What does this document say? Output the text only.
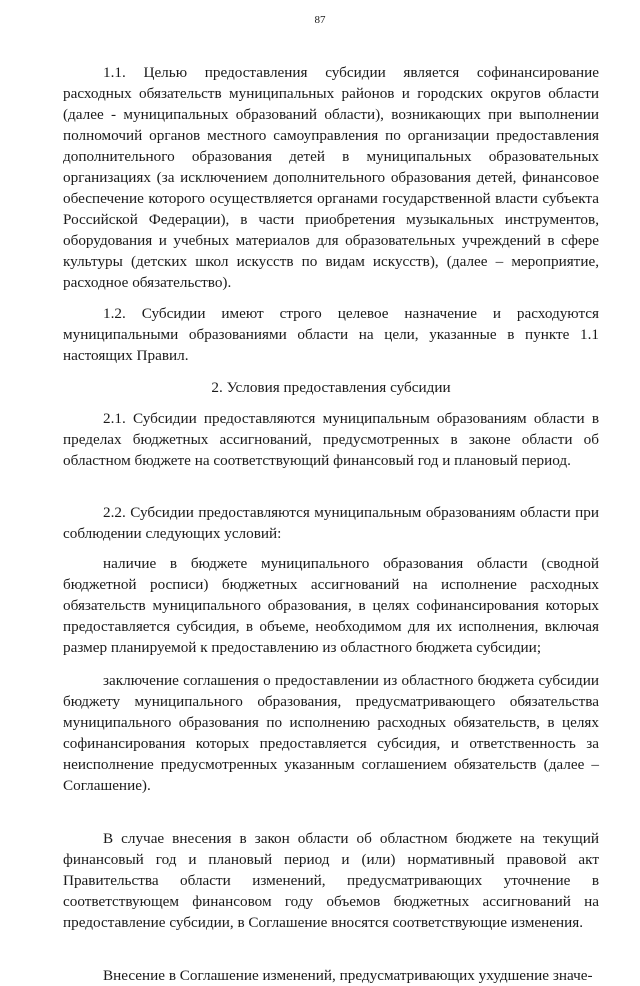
87

1.1. Целью предоставления субсидии является софинансирование расходных обязательств муниципальных районов и городских округов области (далее - муниципальных образований области), возникающих при выполнении полномочий органов местного самоуправления по организации предоставления дополнительного образования детей в муниципальных образовательных организациях (за исключением дополнительного образования детей, финансовое обеспечение которого осуществляется органами государственной власти субъекта Российской Федерации), в части приобретения музыкальных инструментов, оборудования и учебных материалов для образовательных учреждений в сфере культуры (детских школ искусств по видам искусств), (далее – мероприятие, расходное обязательство).

1.2. Субсидии имеют строго целевое назначение и расходуются муниципальными образованиями области на цели, указанные в пункте 1.1 настоящих Правил.

2. Условия предоставления субсидии

2.1. Субсидии предоставляются муниципальным образованиям области в пределах бюджетных ассигнований, предусмотренных в законе области об областном бюджете на соответствующий финансовый год и плановый период.

2.2. Субсидии предоставляются муниципальным образованиям области при соблюдении следующих условий:

наличие в бюджете муниципального образования области (сводной бюджетной росписи) бюджетных ассигнований на исполнение расходных обязательств муниципального образования, в целях софинансирования которых предоставляется субсидия, в объеме, необходимом для их исполнения, включая размер планируемой к предоставлению из областного бюджета субсидии;

заключение соглашения о предоставлении из областного бюджета субсидии бюджету муниципального образования, предусматривающего обязательства муниципального образования по исполнению расходных обязательств, в целях софинансирования которых предоставляется субсидия, и ответственность за неисполнение предусмотренных указанным соглашением обязательств (далее – Соглашение).

В случае внесения в закон области об областном бюджете на текущий финансовый год и плановый период и (или) нормативный правовой акт Правительства области изменений, предусматривающих уточнение в соответствующем финансовом году объемов бюджетных ассигнований на предоставление субсидии, в Соглашение вносятся соответствующие изменения.

Внесение в Соглашение изменений, предусматривающих ухудшение значе-
